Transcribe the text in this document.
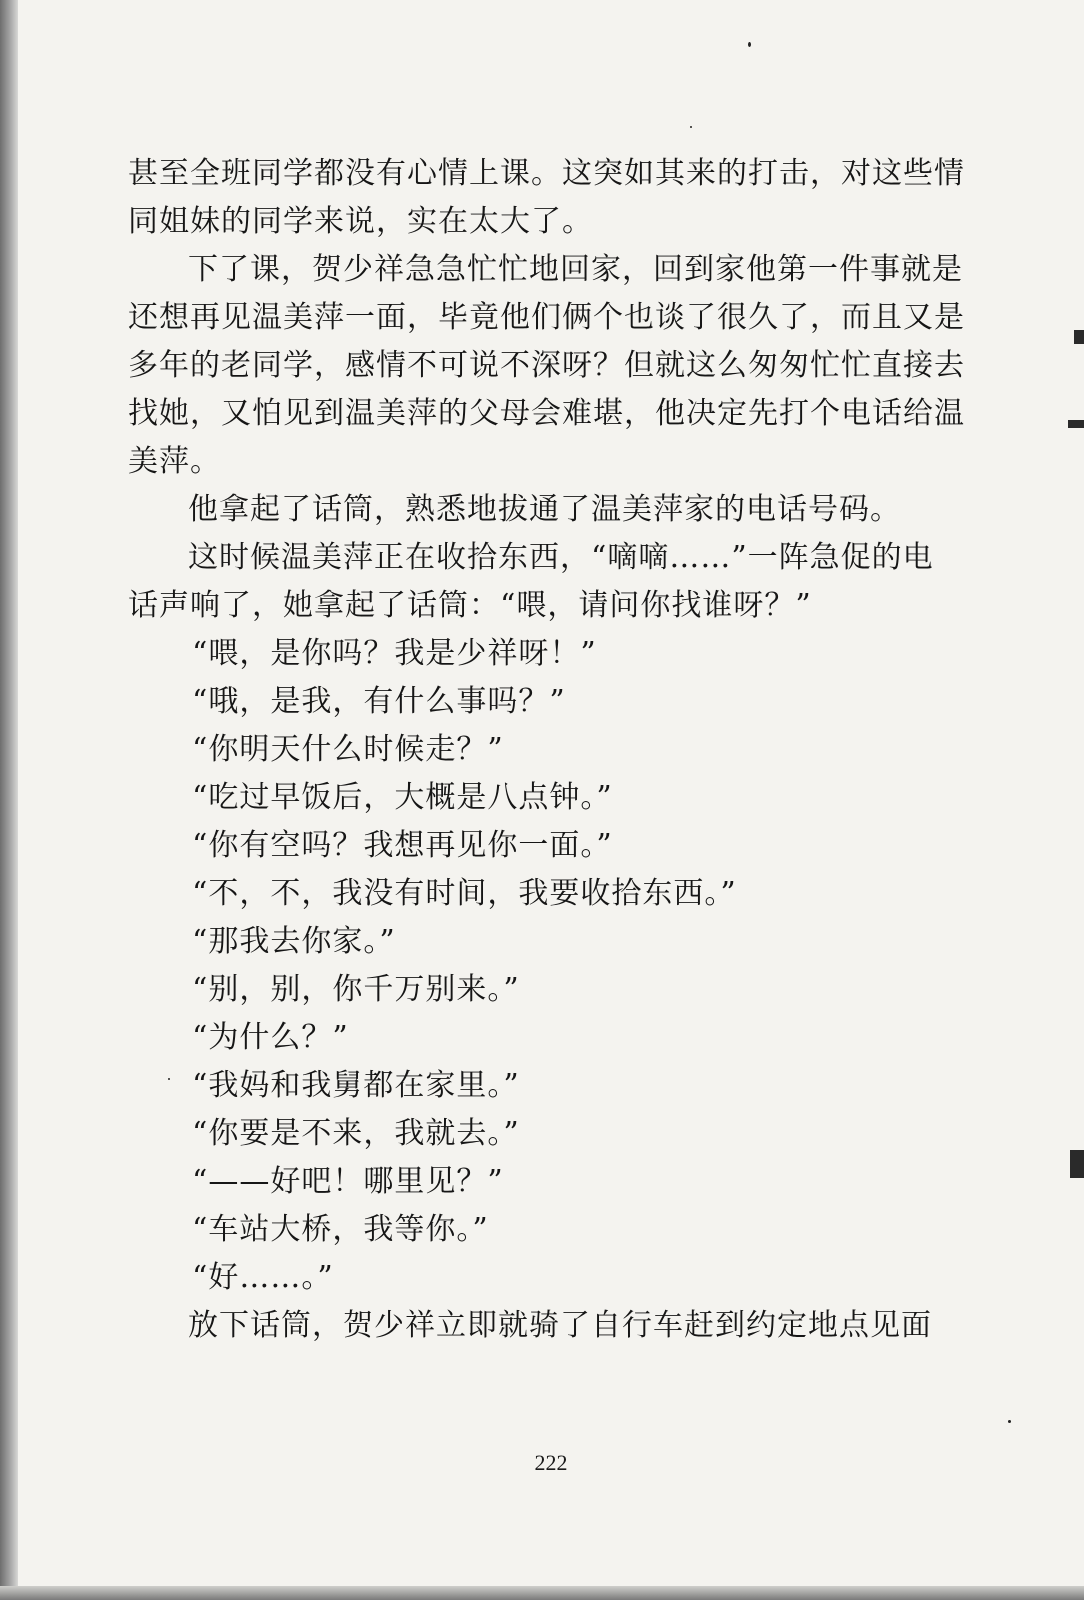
甚至全班同学都没有心情上课。这突如其来的打击，对这些情
同姐妹的同学来说，实在太大了。
下了课，贺少祥急急忙忙地回家，回到家他第一件事就是
还想再见温美萍一面，毕竟他们俩个也谈了很久了，而且又是
多年的老同学，感情不可说不深呀？但就这么匆匆忙忙直接去
找她，又怕见到温美萍的父母会难堪，他决定先打个电话给温
美萍。
他拿起了话筒，熟悉地拔通了温美萍家的电话号码。
这时候温美萍正在收拾东西，“嘀嘀……”一阵急促的电
话声响了，她拿起了话筒：“喂，请问你找谁呀？”
“喂，是你吗？我是少祥呀！”
“哦，是我，有什么事吗？”
“你明天什么时候走？”
“吃过早饭后，大概是八点钟。”
“你有空吗？我想再见你一面。”
“不，不，我没有时间，我要收拾东西。”
“那我去你家。”
“别，别，你千万别来。”
“为什么？”
“我妈和我舅都在家里。”
“你要是不来，我就去。”
“——好吧！哪里见？”
“车站大桥，我等你。”
“好……。”
放下话筒，贺少祥立即就骑了自行车赶到约定地点见面
222
